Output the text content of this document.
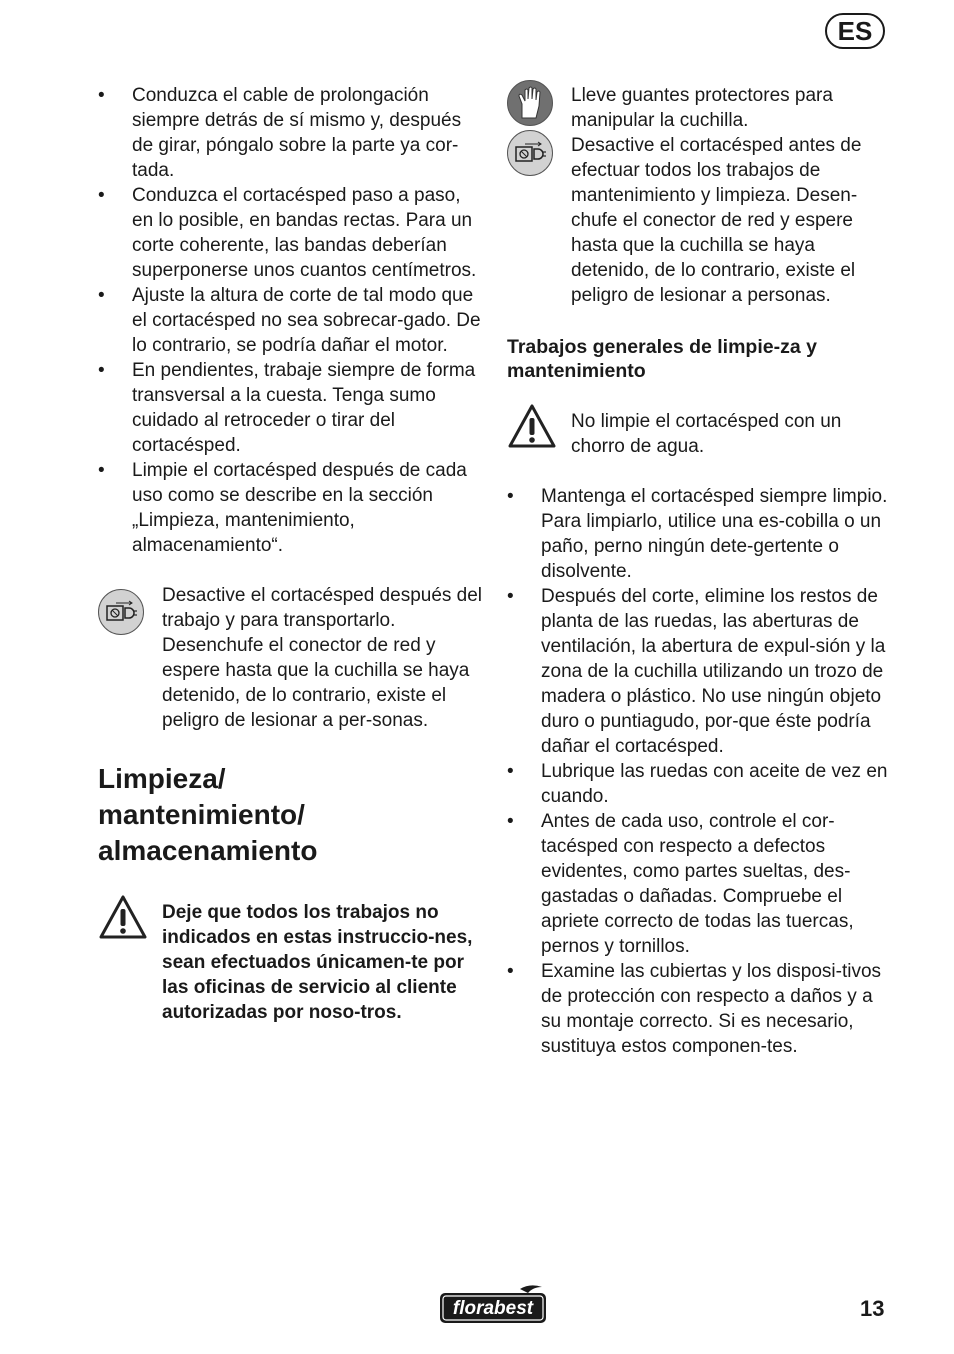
ES
•	Conduzca el cable de prolongación siempre detrás de sí mismo y, después de girar, póngalo sobre la parte ya cor-tada.
•	Conduzca el cortacésped paso a paso, en lo posible, en bandas rectas. Para un corte coherente, las bandas deberían superponerse unos cuantos centímetros.
•	Ajuste la altura de corte de tal modo que el cortacésped no sea sobrecar-gado. De lo contrario, se podría dañar el motor.
•	En pendientes, trabaje siempre de forma transversal a la cuesta. Tenga sumo cuidado al retroceder o tirar del cortacésped.
•	Limpie el cortacésped después de cada uso como se describe en la sección „Limpieza, mantenimiento, almacenamiento“.
Desactive el cortacésped después del trabajo y para transportarlo. Desenchufe el conector de red y espere hasta que la cuchilla se haya detenido, de lo contrario, existe el peligro de lesionar a per-sonas.
Limpieza/
mantenimiento/
almacenamiento
Deje que todos los trabajos no indicados en estas instruccio-nes, sean efectuados únicamen-te por las oficinas de servicio al cliente autorizadas por noso-tros.
Lleve guantes protectores para manipular la cuchilla.
Desactive el cortacésped antes de efectuar todos los trabajos de mantenimiento y limpieza. Desen-chufe el conector de red y espere hasta que la cuchilla se haya detenido, de lo contrario, existe el peligro de lesionar a personas.
Trabajos generales de limpie-za y mantenimiento
No limpie el cortacésped con un chorro de agua.
•	Mantenga el cortacésped siempre limpio. Para limpiarlo, utilice una es-cobilla o un paño, perno ningún dete-gertente o disolvente.
•	Después del corte, elimine los restos de planta de las ruedas, las aberturas de ventilación, la abertura de expul-sión y la zona de la cuchilla utilizando un trozo de madera o plástico. No use ningún objeto duro o puntiagudo, por-que éste podría dañar el cortacésped.
•	Lubrique las ruedas con aceite de vez en cuando.
•	Antes de cada uso, controle el cor-tacésped con respecto a defectos evidentes, como partes sueltas, des-gastadas o dañadas. Compruebe el apriete correcto de todas las tuercas, pernos y tornillos.
•	Examine las cubiertas y los disposi-tivos de protección con respecto a daños y a su montaje correcto. Si es necesario, sustituya estos componen-tes.
florabest	13
